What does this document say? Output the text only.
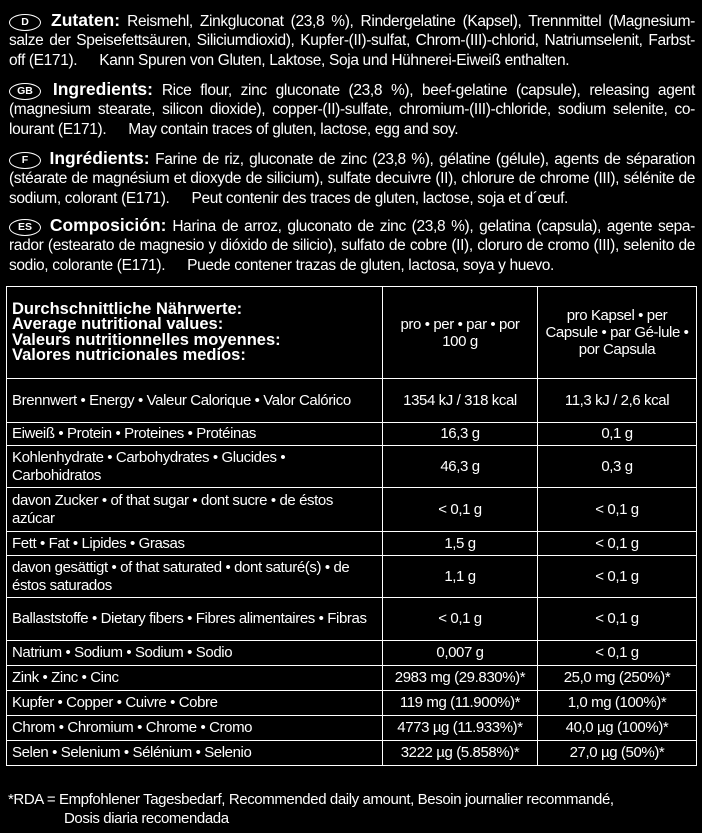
D Zutaten: Reismehl, Zinkgluconat (23,8 %), Rindergelatine (Kapsel), Trennmittel (Magnesium-salze der Speisefettsäuren, Siliciumdioxid), Kupfer-(II)-sulfat, Chrom-(III)-chlorid, Natriumselenit, Farbst-off (E171). Kann Spuren von Gluten, Laktose, Soja und Hühnerei-Eiweiß enthalten.
GB Ingredients: Rice flour, zinc gluconate (23,8 %), beef-gelatine (capsule), releasing agent (magnesium stearate, silicon dioxide), copper-(II)-sulfate, chromium-(III)-chloride, sodium selenite, co-lourant (E171). May contain traces of gluten, lactose, egg and soy.
F Ingrédients: Farine de riz, gluconate de zinc (23,8 %), gélatine (gélule), agents de séparation (stéarate de magnésium et dioxyde de silicium), sulfate decuivre (II), chlorure de chrome (III), sélénite de sodium, colorant (E171). Peut contenir des traces de gluten, lactose, soja et d´œuf.
ES Composición: Harina de arroz, gluconato de zinc (23,8 %), gelatina (capsula), agente sepa-rador (estearato de magnesio y dióxido de silicio), sulfato de cobre (II), cloruro de cromo (III), selenito de sodio, colorante (E171). Puede contener trazas de gluten, lactosa, soya y huevo.
Durchschnittliche Nährwerte:
Average nutritional values:
Valeurs nutritionnelles moyennes:
Valores nutricionales medios:	pro • per • par • por 100 g	pro Kapsel • per Capsule • par Gé-lule • por Capsula
Brennwert • Energy • Valeur Calorique • Valor Calórico	1354 kJ / 318 kcal	11,3 kJ / 2,6 kcal
Eiweiß • Protein • Proteines • Protéinas	16,3 g	0,1 g
Kohlenhydrate • Carbohydrates • Glucides • Carbohidratos	46,3 g	0,3 g
davon Zucker • of that sugar • dont sucre • de éstos azúcar	< 0,1 g	< 0,1 g
Fett • Fat • Lipides • Grasas	1,5 g	< 0,1 g
davon gesättigt • of that saturated • dont saturé(s) • de éstos saturados	1,1 g	< 0,1 g
Ballaststoffe • Dietary fibers • Fibres alimentaires • Fibras	< 0,1 g	< 0,1 g
Natrium • Sodium • Sodium • Sodio	0,007 g	< 0,1 g
Zink • Zinc • Cinc	2983 mg (29.830%)*	25,0 mg (250%)*
Kupfer • Copper • Cuivre • Cobre	119 mg (11.900%)*	1,0 mg (100%)*
Chrom • Chromium • Chrome • Cromo	4773 µg (11.933%)*	40,0 µg (100%)*
Selen • Selenium • Sélénium • Selenio	3222 µg (5.858%)*	27,0 µg (50%)*
*RDA = Empfohlener Tagesbedarf, Recommended daily amount, Besoin journalier recommandé,
Dosis diaria recomendada
